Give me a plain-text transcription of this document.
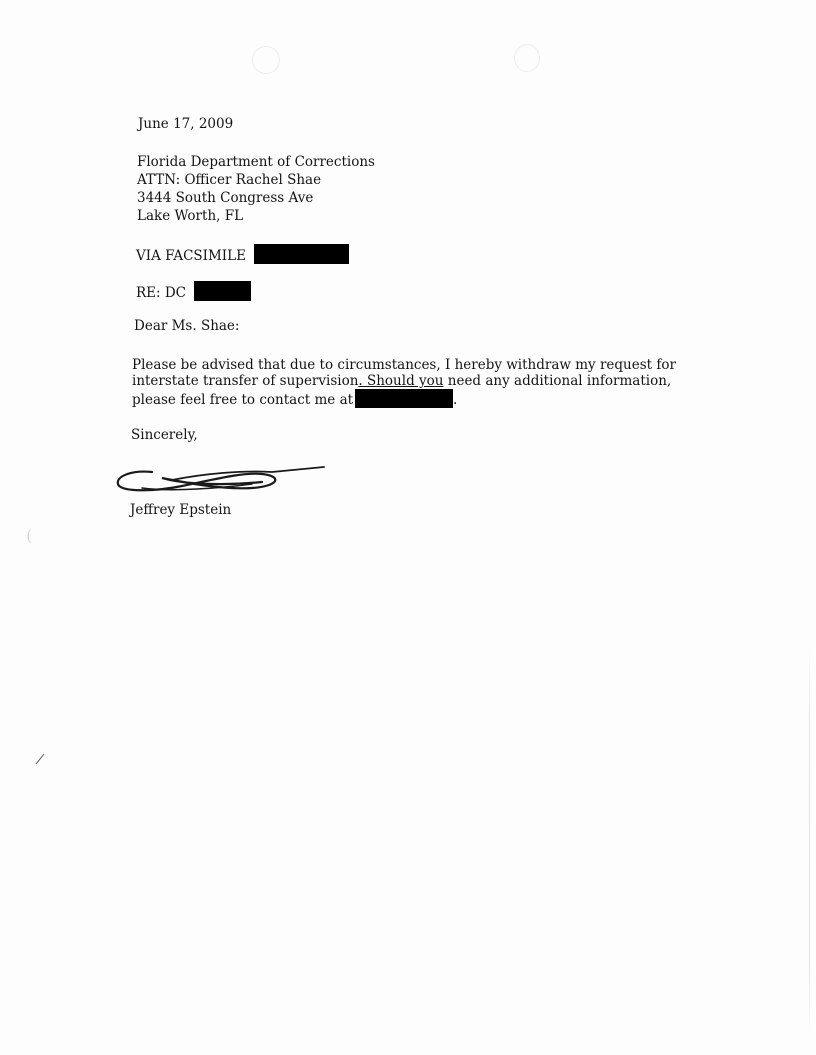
(
June 17, 2009
Florida Department of Corrections
ATTN: Officer Rachel Shae
3444 South Congress Ave
Lake Worth, FL
VIA FACSIMILE
RE: DC
Dear Ms. Shae:
Please be advised that due to circumstances, I hereby withdraw my request for
interstate transfer of supervision. Should you need any additional information,
please feel free to contact me at	.
Sincerely,
Jeffrey Epstein
